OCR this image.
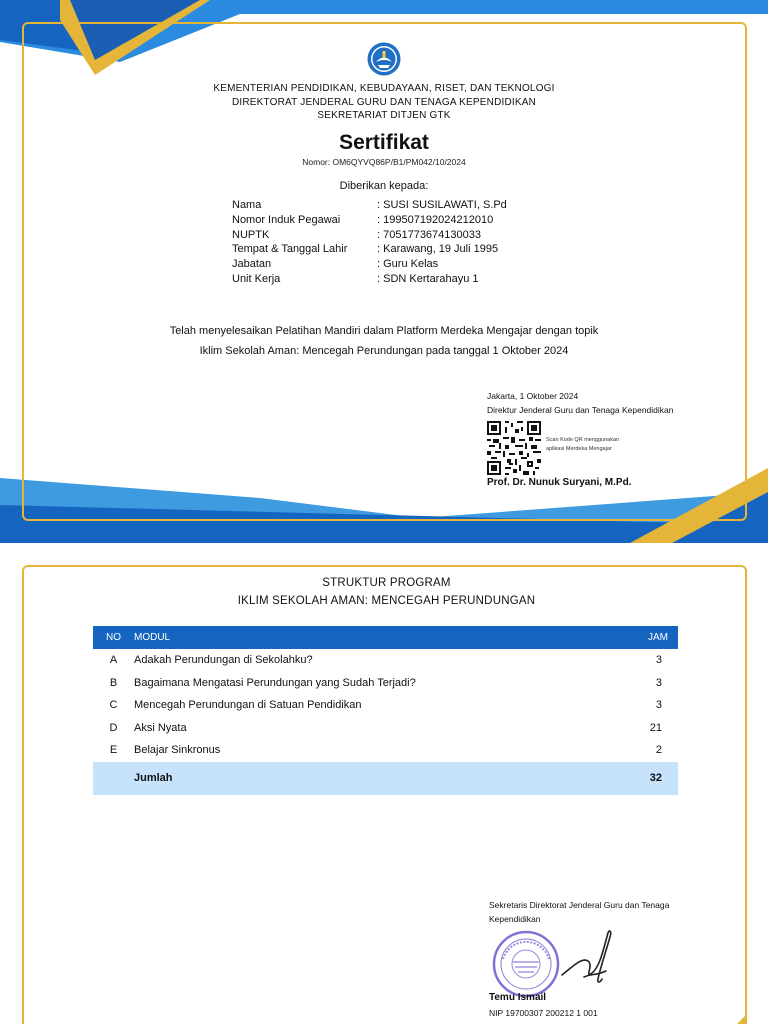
KEMENTERIAN PENDIDIKAN, KEBUDAYAAN, RISET, DAN TEKNOLOGI
DIREKTORAT JENDERAL GURU DAN TENAGA KEPENDIDIKAN
SEKRETARIAT DITJEN GTK
Sertifikat
Nomor: OM6QYVQ86P/B1/PM042/10/2024
Diberikan kepada:
Nama	: SUSI SUSILAWATI, S.Pd
Nomor Induk Pegawai	: 199507192024212010
NUPTK	: 7051773674130033
Tempat & Tanggal Lahir	: Karawang, 19 Juli 1995
Jabatan	: Guru Kelas
Unit Kerja	: SDN Kertarahayu 1
Telah menyelesaikan Pelatihan Mandiri dalam Platform Merdeka Mengajar dengan topik
Iklim Sekolah Aman: Mencegah Perundungan pada tanggal 1 Oktober 2024
Jakarta, 1 Oktober 2024
Direktur Jenderal Guru dan Tenaga Kependidikan
Scan Kode QR menggunakan
aplikasi Merdeka Mengajar
Prof. Dr. Nunuk Suryani, M.Pd.
STRUKTUR PROGRAM
IKLIM SEKOLAH AMAN: MENCEGAH PERUNDUNGAN
NO	MODUL	JAM
A	Adakah Perundungan di Sekolahku?	3
B	Bagaimana Mengatasi Perundungan yang Sudah Terjadi?	3
C	Mencegah Perundungan di Satuan Pendidikan	3
D	Aksi Nyata	21
E	Belajar Sinkronus	2
	Jumlah	32
Sekretaris Direktorat Jenderal Guru dan Tenaga
Kependidikan
Temu Ismail
NIP 19700307 200212 1 001
